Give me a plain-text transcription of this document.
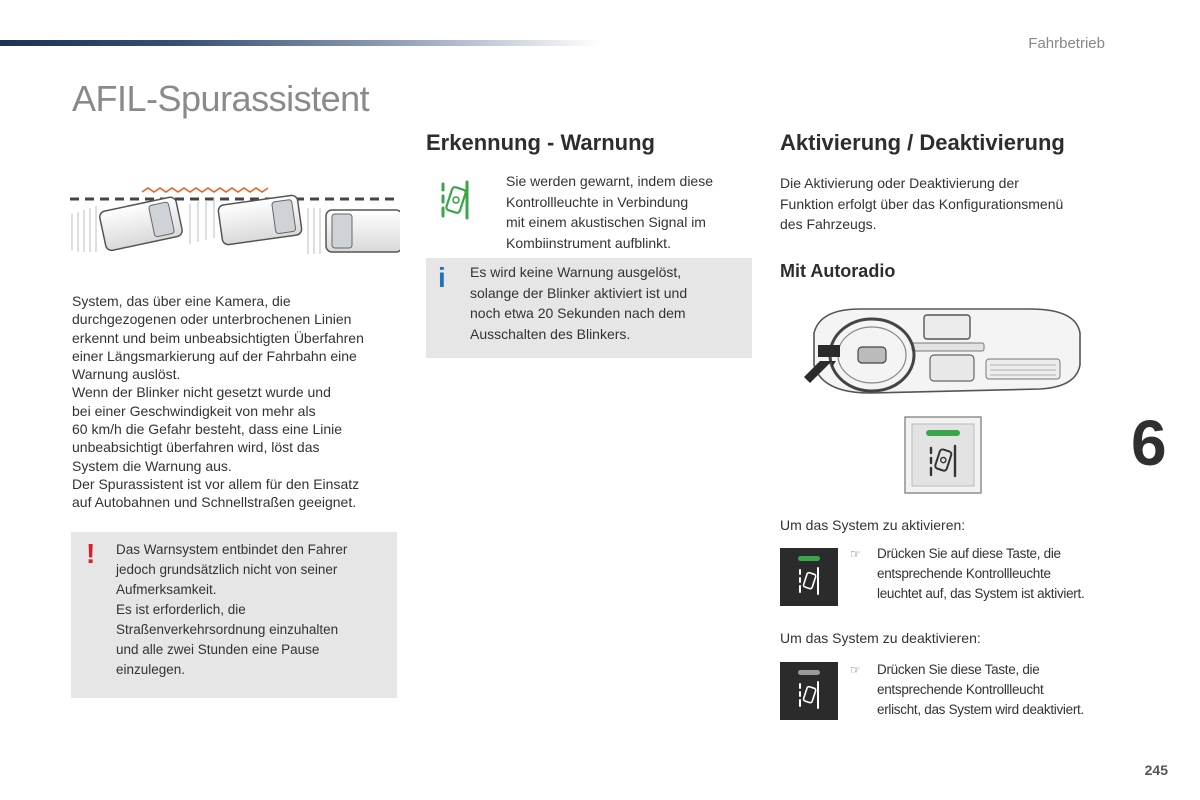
Fahrbetrieb
AFIL-Spurassistent
System, das über eine Kamera, die
durchgezogenen oder unterbrochenen Linien
erkennt und beim unbeabsichtigten Überfahren
einer Längsmarkierung auf der Fahrbahn eine
Warnung auslöst.
Wenn der Blinker nicht gesetzt wurde und
bei einer Geschwindigkeit von mehr als
60 km/h die Gefahr besteht, dass eine Linie
unbeabsichtigt überfahren wird, löst das
System die Warnung aus.
Der Spurassistent ist vor allem für den Einsatz
auf Autobahnen und Schnellstraßen geeignet.
! Das Warnsystem entbindet den Fahrer
jedoch grundsätzlich nicht von seiner
Aufmerksamkeit.
Es ist erforderlich, die
Straßenverkehrsordnung einzuhalten
und alle zwei Stunden eine Pause
einzulegen.
Erkennung - Warnung
Sie werden gewarnt, indem diese
Kontrollleuchte in Verbindung
mit einem akustischen Signal im
Kombiinstrument aufblinkt.
i Es wird keine Warnung ausgelöst,
solange der Blinker aktiviert ist und
noch etwa 20 Sekunden nach dem
Ausschalten des Blinkers.
Aktivierung / Deaktivierung
Die Aktivierung oder Deaktivierung der
Funktion erfolgt über das Konfigurationsmenü
des Fahrzeugs.
Mit Autoradio
Um das System zu aktivieren:
☞ Drücken Sie auf diese Taste, die
entsprechende Kontrollleuchte
leuchtet auf, das System ist aktiviert.
Um das System zu deaktivieren:
☞ Drücken Sie diese Taste, die
entsprechende Kontrollleucht
erlischt, das System wird deaktiviert.
6
245
